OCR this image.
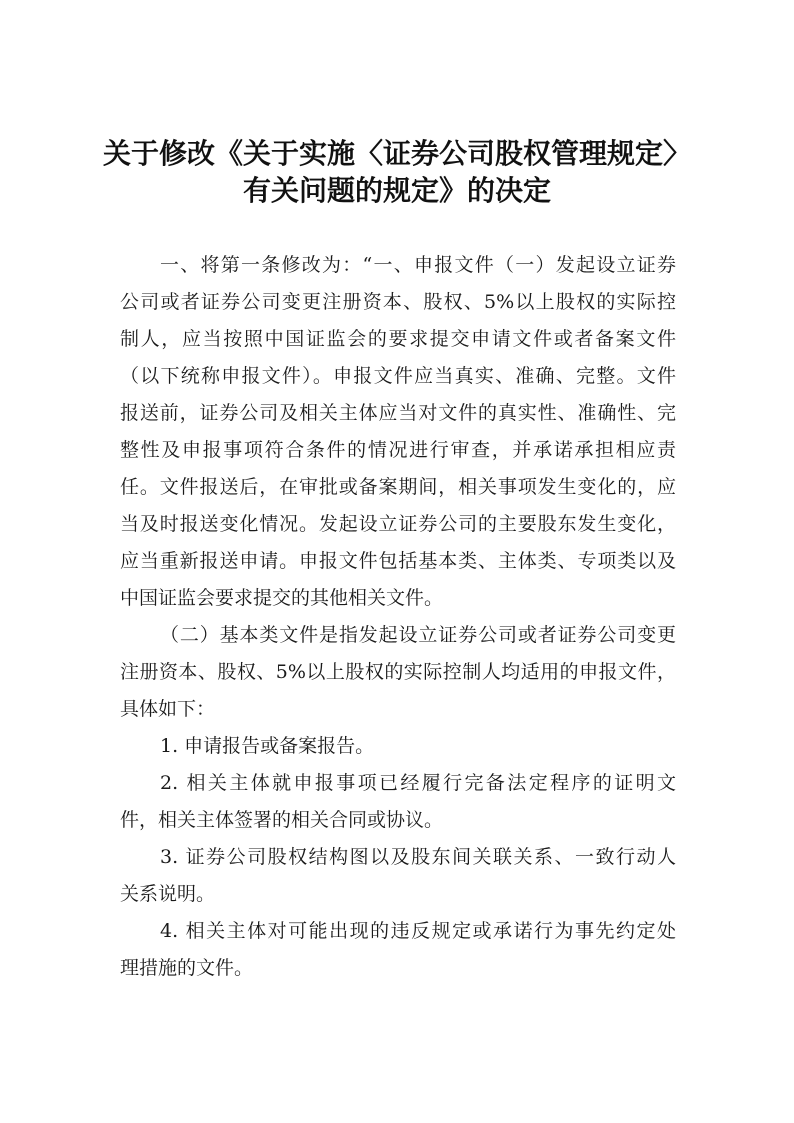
关于修改《关于实施〈证券公司股权管理规定〉
有关问题的规定》的决定
一、将第一条修改为：“一、申报文件（一）发起设立证券
公司或者证券公司变更注册资本、股权、5%以上股权的实际控
制人，应当按照中国证监会的要求提交申请文件或者备案文件
（以下统称申报文件）。申报文件应当真实、准确、完整。文件
报送前，证券公司及相关主体应当对文件的真实性、准确性、完
整性及申报事项符合条件的情况进行审查，并承诺承担相应责
任。文件报送后，在审批或备案期间，相关事项发生变化的，应
当及时报送变化情况。发起设立证券公司的主要股东发生变化，
应当重新报送申请。申报文件包括基本类、主体类、专项类以及
中国证监会要求提交的其他相关文件。
（二）基本类文件是指发起设立证券公司或者证券公司变更
注册资本、股权、5%以上股权的实际控制人均适用的申报文件，
具体如下：
1. 申请报告或备案报告。
2. 相关主体就申报事项已经履行完备法定程序的证明文
件，相关主体签署的相关合同或协议。
3. 证券公司股权结构图以及股东间关联关系、一致行动人
关系说明。
4. 相关主体对可能出现的违反规定或承诺行为事先约定处
理措施的文件。
